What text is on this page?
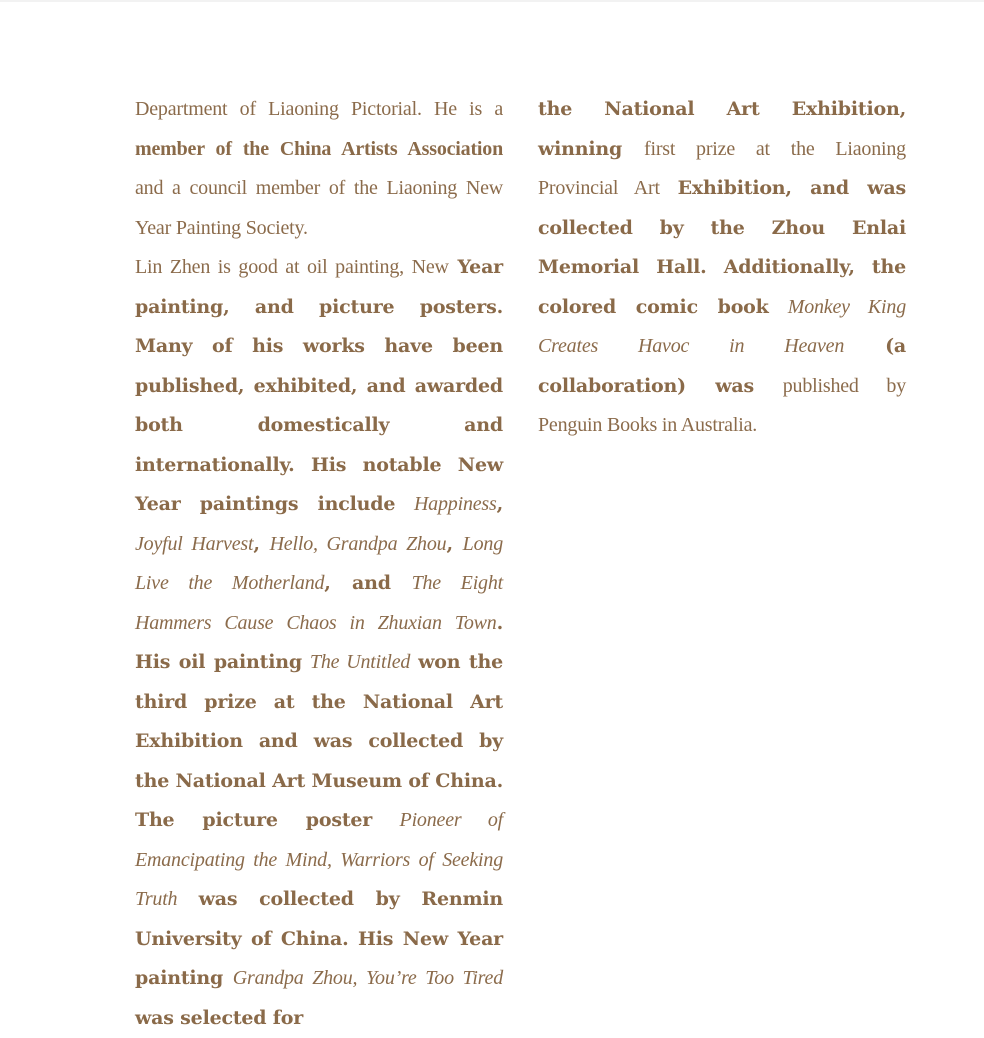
Department of Liaoning Pictorial. He is a member of the China Artists Association and a council member of the Liaoning New Year Painting Society.

Lin Zhen is good at oil painting, New Year painting, and picture posters. Many of his works have been published, exhibited, and awarded both domestically and internationally. His notable New Year paintings include Happiness, Joyful Harvest, Hello, Grandpa Zhou, Long Live the Motherland, and The Eight Hammers Cause Chaos in Zhuxian Town. His oil painting The Untitled won the third prize at the National Art Exhibition and was collected by the National Art Museum of China. The picture poster Pioneer of Emancipating the Mind, Warriors of Seeking Truth was collected by Renmin University of China. His New Year painting Grandpa Zhou, You’re Too Tired was selected for

the National Art Exhibition, winning first prize at the Liaoning Provincial Art Exhibition, and was collected by the Zhou Enlai Memorial Hall. Additionally, the colored comic book Monkey King Creates Havoc in Heaven (a collaboration) was published by Penguin Books in Australia.
